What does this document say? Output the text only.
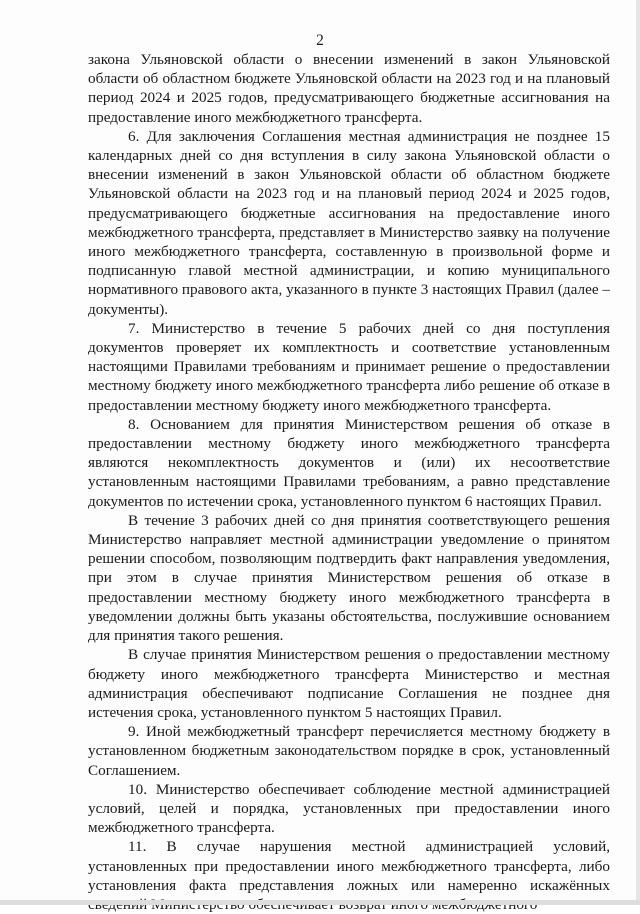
2

закона Ульяновской области о внесении изменений в закон Ульяновской области об областном бюджете Ульяновской области на 2023 год и на плановый период 2024 и 2025 годов, предусматривающего бюджетные ассигнования на предоставление иного межбюджетного трансферта.

6. Для заключения Соглашения местная администрация не позднее 15 календарных дней со дня вступления в силу закона Ульяновской области о внесении изменений в закон Ульяновской области об областном бюджете Ульяновской области на 2023 год и на плановый период 2024 и 2025 годов, предусматривающего бюджетные ассигнования на предоставление иного межбюджетного трансферта, представляет в Министерство заявку на получение иного межбюджетного трансферта, составленную в произвольной форме и подписанную главой местной администрации, и копию муниципального нормативного правового акта, указанного в пункте 3 настоящих Правил (далее – документы).

7. Министерство в течение 5 рабочих дней со дня поступления документов проверяет их комплектность и соответствие установленным настоящими Правилами требованиям и принимает решение о предоставлении местному бюджету иного межбюджетного трансферта либо решение об отказе в предоставлении местному бюджету иного межбюджетного трансферта.

8. Основанием для принятия Министерством решения об отказе в предоставлении местному бюджету иного межбюджетного трансферта являются некомплектность документов и (или) их несоответствие установленным настоящими Правилами требованиям, а равно представление документов по истечении срока, установленного пунктом 6 настоящих Правил.

В течение 3 рабочих дней со дня принятия соответствующего решения Министерство направляет местной администрации уведомление о принятом решении способом, позволяющим подтвердить факт направления уведомления, при этом в случае принятия Министерством решения об отказе в предоставлении местному бюджету иного межбюджетного трансферта в уведомлении должны быть указаны обстоятельства, послужившие основанием для принятия такого решения.

В случае принятия Министерством решения о предоставлении местному бюджету иного межбюджетного трансферта Министерство и местная администрация обеспечивают подписание Соглашения не позднее дня истечения срока, установленного пунктом 5 настоящих Правил.

9. Иной межбюджетный трансферт перечисляется местному бюджету в установленном бюджетным законодательством порядке в срок, установленный Соглашением.

10. Министерство обеспечивает соблюдение местной администрацией условий, целей и порядка, установленных при предоставлении иного межбюджетного трансферта.

11. В случае нарушения местной администрацией условий, установленных при предоставлении иного межбюджетного трансферта, либо установления факта представления ложных или намеренно искажённых
